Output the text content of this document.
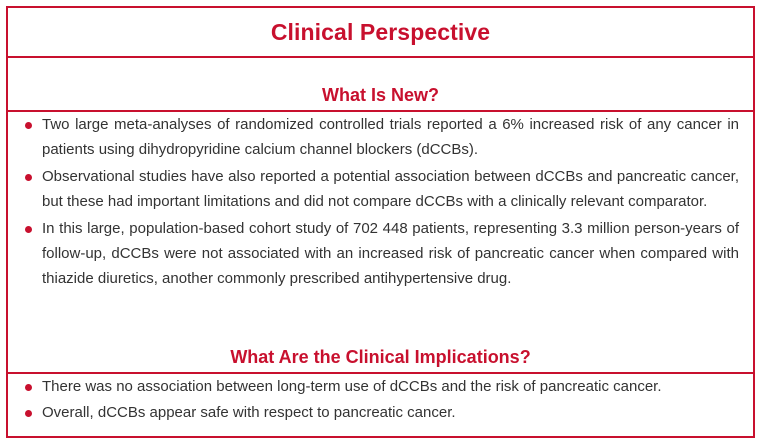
Clinical Perspective
What Is New?
Two large meta-analyses of randomized controlled trials reported a 6% increased risk of any cancer in patients using dihydropyridine calcium channel blockers (dCCBs).
Observational studies have also reported a potential association between dCCBs and pancreatic cancer, but these had important limitations and did not compare dCCBs with a clinically relevant comparator.
In this large, population-based cohort study of 702 448 patients, representing 3.3 million person-years of follow-up, dCCBs were not associated with an increased risk of pancreatic cancer when compared with thiazide diuretics, another commonly prescribed antihypertensive drug.
What Are the Clinical Implications?
There was no association between long-term use of dCCBs and the risk of pancreatic cancer.
Overall, dCCBs appear safe with respect to pancreatic cancer.
